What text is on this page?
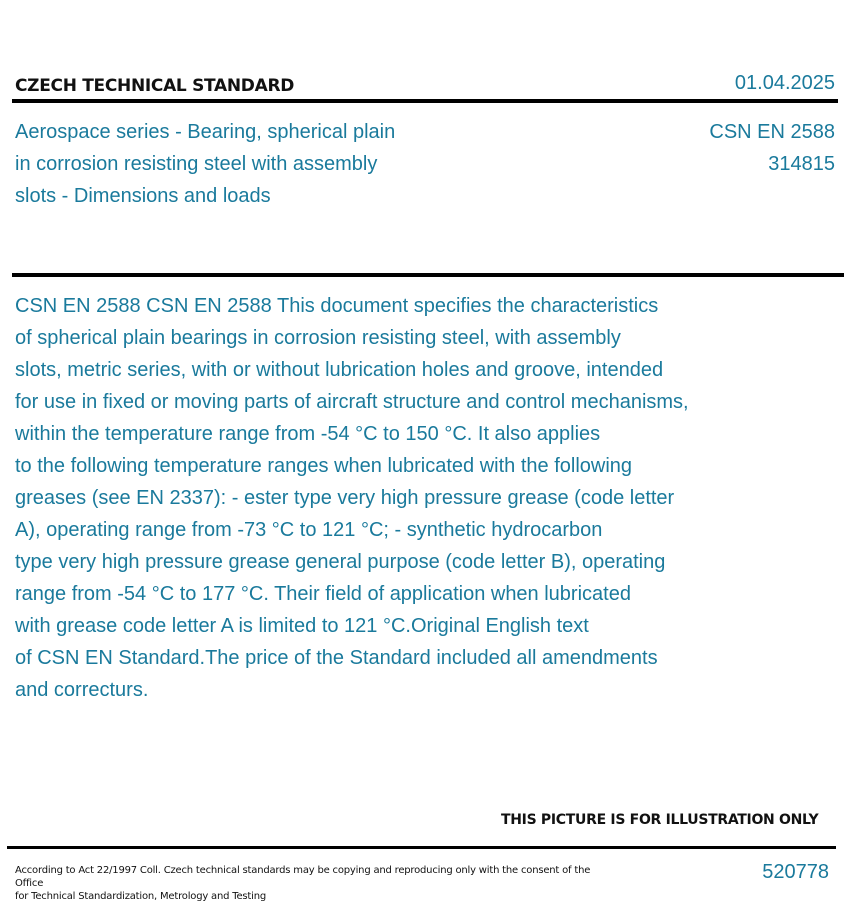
CZECH TECHNICAL STANDARD	01.04.2025
Aerospace series - Bearing, spherical plain
in corrosion resisting steel with assembly
slots - Dimensions and loads
CSN EN 2588
314815
CSN EN 2588 CSN EN 2588 This document specifies the characteristics
of spherical plain bearings in corrosion resisting steel, with assembly
slots, metric series, with or without lubrication holes and groove, intended
for use in fixed or moving parts of aircraft structure and control mechanisms,
within the temperature range from -54 °C to 150 °C. It also applies
to the following temperature ranges when lubricated with the following
greases (see EN 2337): - ester type very high pressure grease (code letter
A), operating range from -73 °C to 121 °C; - synthetic hydrocarbon
type very high pressure grease general purpose (code letter B), operating
range from -54 °C to 177 °C. Their field of application when lubricated
with grease code letter A is limited to 121 °C.Original English text
of CSN EN Standard.The price of the Standard included all amendments
and correcturs.
THIS PICTURE IS FOR ILLUSTRATION ONLY
According to Act 22/1997 Coll. Czech technical standards may be copying and reproducing only with the consent of the Office
for Technical Standardization, Metrology and Testing
520778
